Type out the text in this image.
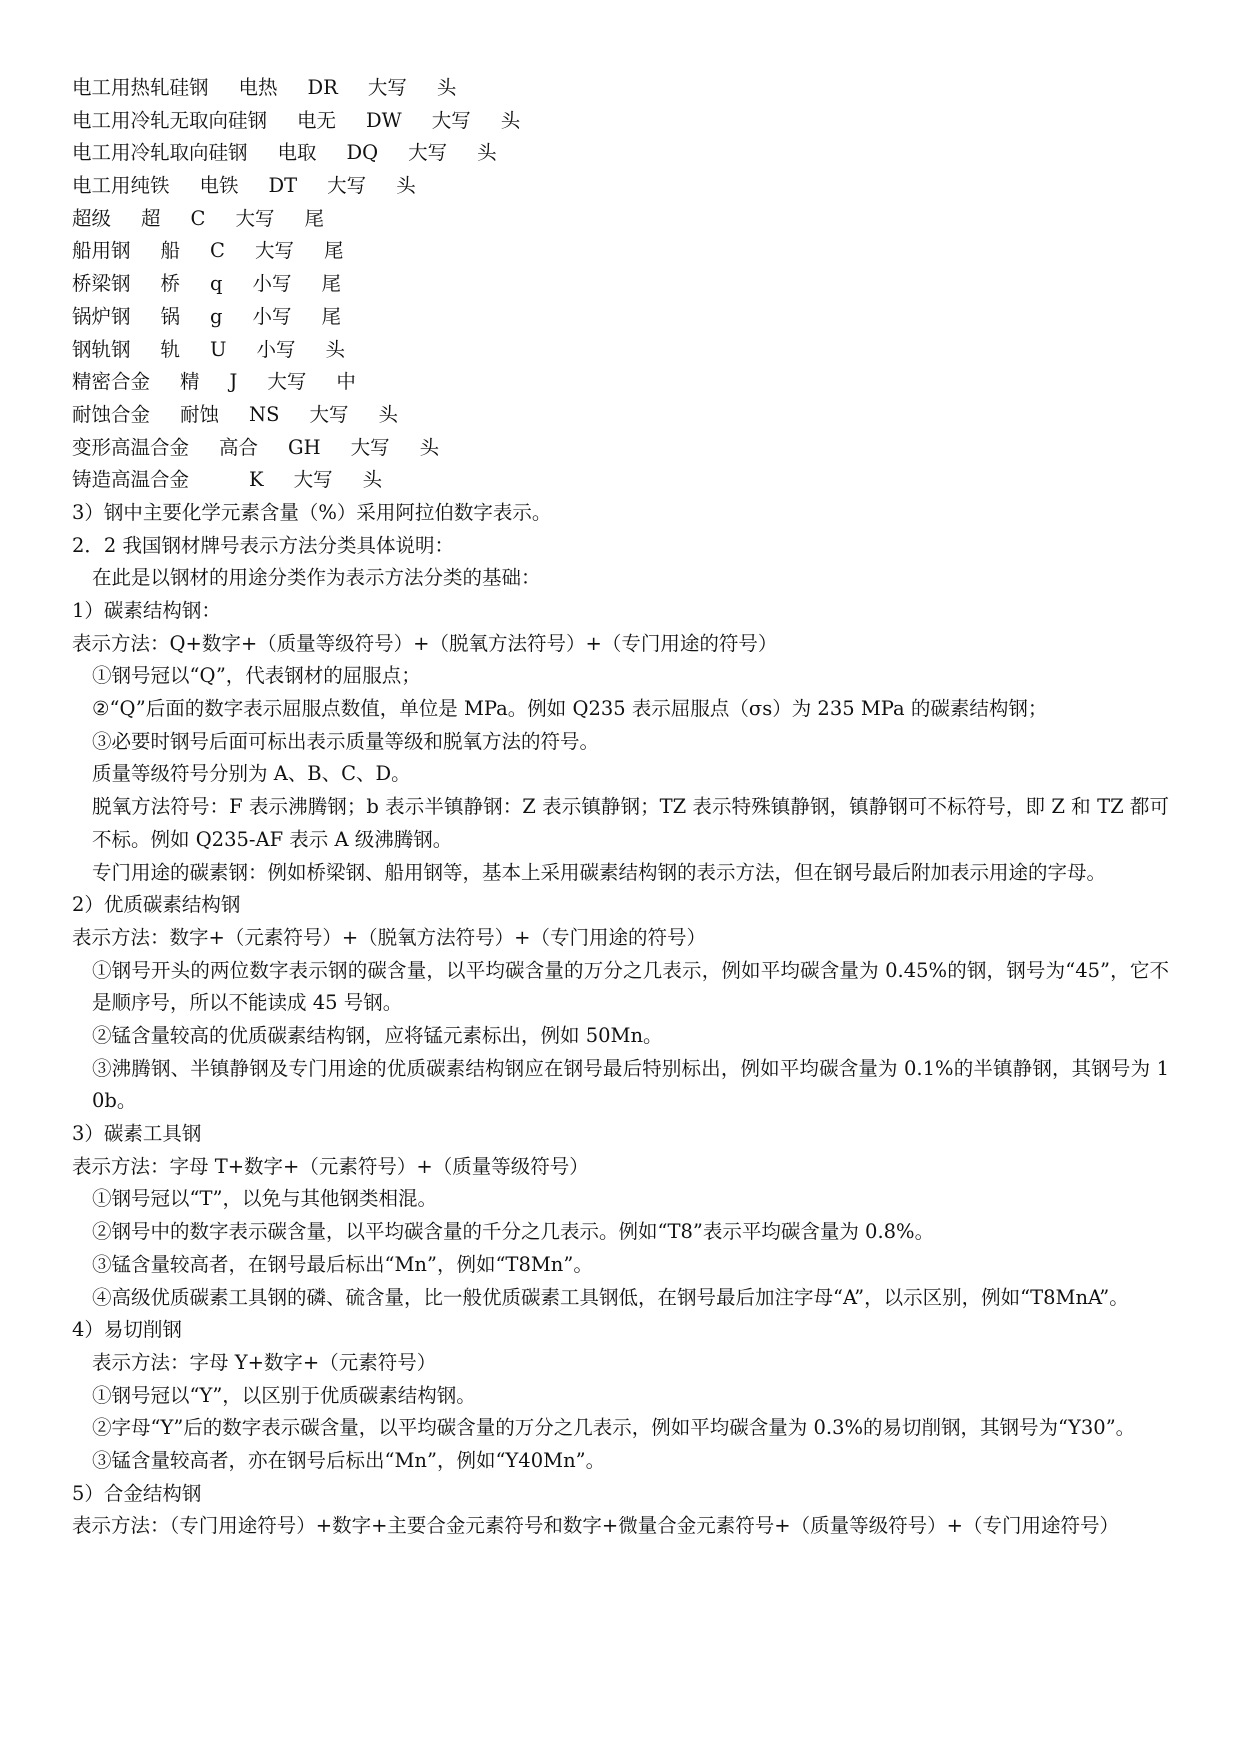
电工用热轧硅钢 电热 DR 大写 头
电工用冷轧无取向硅钢 电无 DW 大写 头
电工用冷轧取向硅钢 电取 DQ 大写 头
电工用纯铁 电铁 DT 大写 头
超级 超 C 大写 尾
船用钢 船 C 大写 尾
桥梁钢 桥 q 小写 尾
锅炉钢 锅 g 小写 尾
钢轨钢 轨 U 小写 头
精密合金 精 J 大写 中
耐蚀合金 耐蚀 NS 大写 头
变形高温合金 高合 GH 大写 头
铸造高温合金	K 大写 头
3）钢中主要化学元素含量（%）采用阿拉伯数字表示。
2．2 我国钢材牌号表示方法分类具体说明：
在此是以钢材的用途分类作为表示方法分类的基础：
1）碳素结构钢：
表示方法：Q+数字+（质量等级符号）+（脱氧方法符号）+（专门用途的符号）
①钢号冠以“Q”，代表钢材的屈服点；
②“Q”后面的数字表示屈服点数值，单位是 MPa。例如 Q235 表示屈服点（σs）为 235 MPa 的碳素结构钢；
③必要时钢号后面可标出表示质量等级和脱氧方法的符号。
质量等级符号分别为 A、B、C、D。
脱氧方法符号：F 表示沸腾钢；b 表示半镇静钢：Z 表示镇静钢；TZ 表示特殊镇静钢，镇静钢可不标符号，即 Z 和 TZ 都可不标。例如 Q235-AF 表示 A 级沸腾钢。
专门用途的碳素钢：例如桥梁钢、船用钢等，基本上采用碳素结构钢的表示方法，但在钢号最后附加表示用途的字母。
2）优质碳素结构钢
表示方法：数字+（元素符号）+（脱氧方法符号）+（专门用途的符号）
①钢号开头的两位数字表示钢的碳含量，以平均碳含量的万分之几表示，例如平均碳含量为 0.45%的钢，钢号为“45”，它不是顺序号，所以不能读成 45 号钢。
②锰含量较高的优质碳素结构钢，应将锰元素标出，例如 50Mn。
③沸腾钢、半镇静钢及专门用途的优质碳素结构钢应在钢号最后特别标出，例如平均碳含量为 0.1%的半镇静钢，其钢号为 10b。
3）碳素工具钢
表示方法：字母 T+数字+（元素符号）+（质量等级符号）
①钢号冠以“T”，以免与其他钢类相混。
②钢号中的数字表示碳含量，以平均碳含量的千分之几表示。例如“T8”表示平均碳含量为 0.8%。
③锰含量较高者，在钢号最后标出“Mn”，例如“T8Mn”。
④高级优质碳素工具钢的磷、硫含量，比一般优质碳素工具钢低，在钢号最后加注字母“A”，以示区别，例如“T8MnA”。
4）易切削钢
表示方法：字母 Y+数字+（元素符号）
①钢号冠以“Y”，以区别于优质碳素结构钢。
②字母“Y”后的数字表示碳含量，以平均碳含量的万分之几表示，例如平均碳含量为 0.3%的易切削钢，其钢号为“Y30”。
③锰含量较高者，亦在钢号后标出“Mn”，例如“Y40Mn”。
5）合金结构钢
表示方法：（专门用途符号）+数字+主要合金元素符号和数字+微量合金元素符号+（质量等级符号）+（专门用途符号）
